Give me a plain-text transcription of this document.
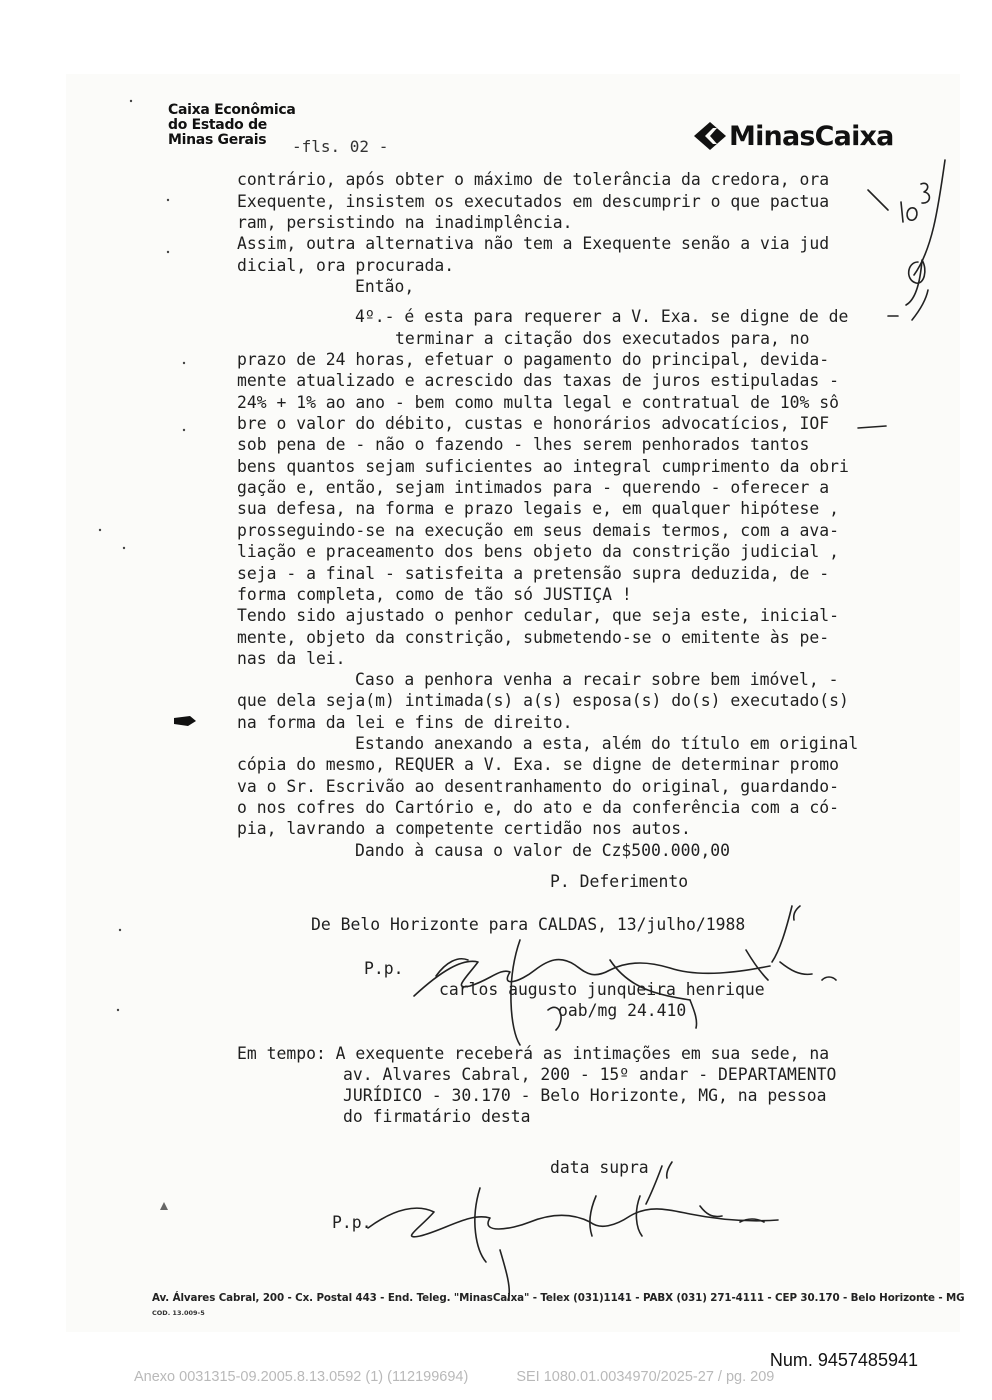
Caixa Econômica
do Estado de
Minas Gerais	-fls. 02 -	MinasCaixa
contrário, após obter o máximo de tolerância da credora, ora
Exequente, insistem os executados em descumprir o que pactua
ram, persistindo na inadimplência.
Assim, outra alternativa não tem a Exequente senão a via jud
dicial, ora procurada.
Então,
4º.- é esta para requerer a V. Exa. se digne de de
terminar a citação dos executados para, no
prazo de 24 horas, efetuar o pagamento do principal, devida-
mente atualizado e acrescido das taxas de juros estipuladas -
24% + 1% ao ano - bem como multa legal e contratual de 10% sô
bre o valor do débito, custas e honorários advocatícios, IOF
sob pena de - não o fazendo - lhes serem penhorados tantos
bens quantos sejam suficientes ao integral cumprimento da obri
gação e, então, sejam intimados para - querendo - oferecer a
sua defesa, na forma e prazo legais e, em qualquer hipótese ,
prosseguindo-se na execução em seus demais termos, com a ava-
liação e praceamento dos bens objeto da constrição judicial ,
seja - a final - satisfeita a pretensão supra deduzida, de -
forma completa, como de tão só JUSTIÇA !
Tendo sido ajustado o penhor cedular, que seja este, inicial-
mente, objeto da constrição, submetendo-se o emitente às pe-
nas da lei.
Caso a penhora venha a recair sobre bem imóvel, -
que dela seja(m) intimada(s) a(s) esposa(s) do(s) executado(s)
na forma da lei e fins de direito.
Estando anexando a esta, além do título em original
cópia do mesmo, REQUER a V. Exa. se digne de determinar promo
va o Sr. Escrivão ao desentranhamento do original, guardando-
o nos cofres do Cartório e, do ato e da conferência com a có-
pia, lavrando a competente certidão nos autos.
Dando à causa o valor de Cz$500.000,00
P. Deferimento
De Belo Horizonte para CALDAS, 13/julho/1988
P.p.
carlos augusto junqueira henrique
oab/mg 24.410
Em tempo: A exequente receberá as intimações em sua sede, na
av. Alvares Cabral, 200 - 15º andar - DEPARTAMENTO
JURÍDICO - 30.170 - Belo Horizonte, MG, na pessoa
do firmatário desta
data supra
P.p.
Av. Álvares Cabral, 200 - Cx. Postal 443 - End. Teleg. "MinasCaixa" - Telex (031)1141 - PABX (031) 271-4111 - CEP 30.170 - Belo Horizonte - MG
COD. 13.009-5
Num. 9457485941
Anexo 0031315-09.2005.8.13.0592 (1) (112199694)	SEI 1080.01.0034970/2025-27 / pg. 209
